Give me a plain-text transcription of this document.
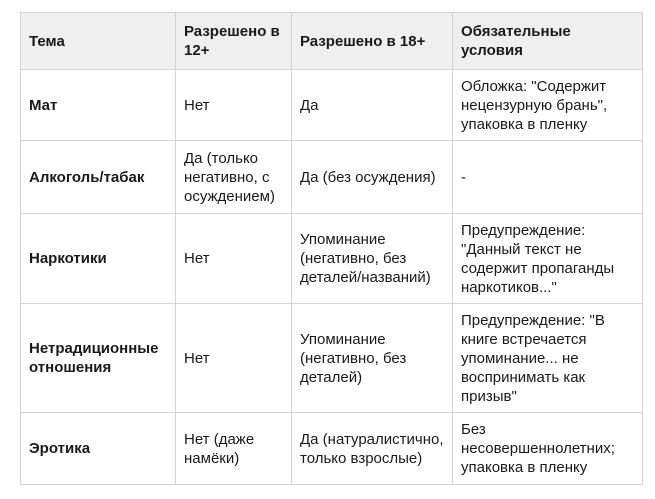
Тема	Разрешено в 12+	Разрешено в 18+	Обязательные условия
Мат	Нет	Да	Обложка: "Содержит нецензурную брань", упаковка в пленку
Алкоголь/табак	Да (только негативно, с осуждением)	Да (без осуждения)	-
Наркотики	Нет	Упоминание (негативно, без деталей/названий)	Предупреждение: "Данный текст не содержит пропаганды наркотиков..."
Нетрадиционные отношения	Нет	Упоминание (негативно, без деталей)	Предупреждение: "В книге встречается упоминание... не воспринимать как призыв"
Эротика	Нет (даже намёки)	Да (натуралистично, только взрослые)	Без несовершеннолетних; упаковка в пленку
